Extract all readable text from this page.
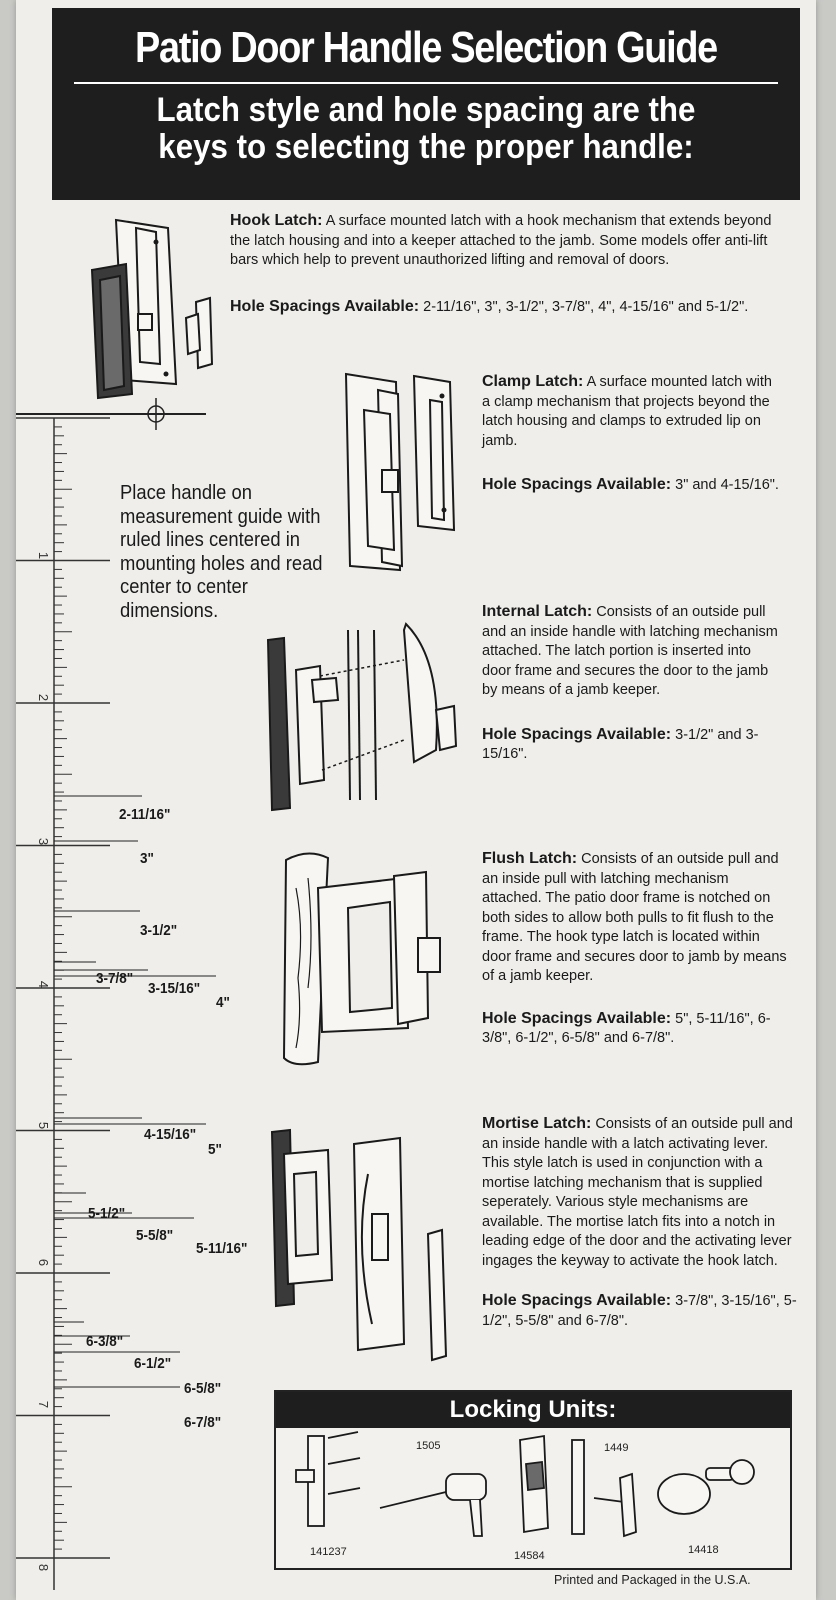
Patio Door Handle Selection Guide
Latch style and hole spacing are the
keys to selecting the proper handle:
1
2
3
4
5
6
7
8
2-11/16"
3"
3-1/2"
3-7/8"
3-15/16"
4"
4-15/16"
5"
5-1/2"
5-5/8"
5-11/16"
6-3/8"
6-1/2"
6-5/8"
6-7/8"
Place handle on measurement guide with ruled lines centered in mounting holes and read center to center dimensions.
Hook Latch: A surface mounted latch with a hook mechanism that extends beyond the latch housing and into a keeper attached to the jamb. Some models offer anti-lift bars which help to prevent unauthorized lifting and removal of doors.
Hole Spacings Available: 2-11/16", 3", 3-1/2", 3-7/8", 4", 4-15/16" and 5-1/2".
Clamp Latch: A surface mounted latch with a clamp mechanism that projects beyond the latch housing and clamps to extruded lip on jamb.
Hole Spacings Available: 3" and 4-15/16".
Internal Latch: Consists of an outside pull and an inside handle with latching mechanism attached. The latch portion is inserted into door frame and secures the door to the jamb by means of a jamb keeper.
Hole Spacings Available: 3-1/2" and 3-15/16".
Flush Latch: Consists of an outside pull and an inside pull with latching mechanism attached. The patio door frame is notched on both sides to allow both pulls to fit flush to the frame. The hook type latch is located within door frame and secures door to jamb by means of a jamb keeper.
Hole Spacings Available: 5", 5-11/16", 6-3/8", 6-1/2", 6-5/8" and 6-7/8".
Mortise Latch: Consists of an outside pull and an inside handle with a latch activating lever. This style latch is used in conjunction with a mortise latching mechanism that is supplied seperately. Various style mechanisms are available. The mortise latch fits into a notch in leading edge of the door and the activating lever ingages the keyway to activate the hook latch.
Hole Spacings Available: 3-7/8", 3-15/16", 5-1/2", 5-5/8" and 6-7/8".
Locking Units:
141237
1505
14584
1449
14418
Printed and Packaged in the U.S.A.
